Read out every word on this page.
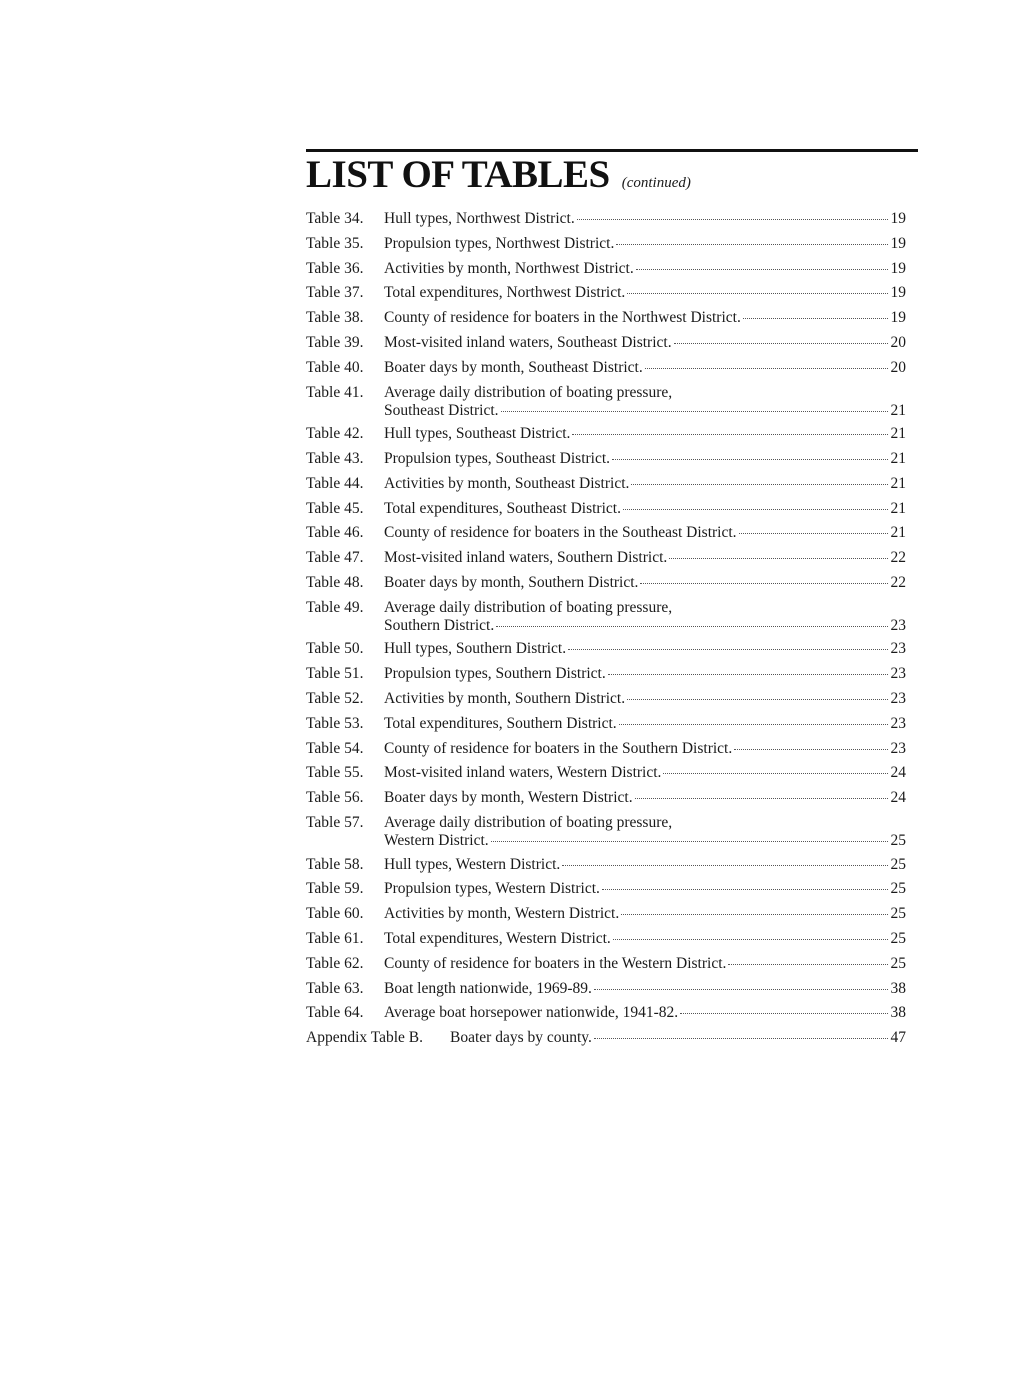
LIST OF TABLES (continued)
Table 34. Hull types, Northwest District.	19
Table 35. Propulsion types, Northwest District.	19
Table 36. Activities by month, Northwest District.	19
Table 37. Total expenditures, Northwest District.	19
Table 38. County of residence for boaters in the Northwest District.	19
Table 39. Most-visited inland waters, Southeast District.	20
Table 40. Boater days by month, Southeast District.	20
Table 41. Average daily distribution of boating pressure,
Southeast District.	21
Table 42. Hull types, Southeast District.	21
Table 43. Propulsion types, Southeast District.	21
Table 44. Activities by month, Southeast District.	21
Table 45. Total expenditures, Southeast District.	21
Table 46. County of residence for boaters in the Southeast District.	21
Table 47. Most-visited inland waters, Southern District.	22
Table 48. Boater days by month, Southern District.	22
Table 49. Average daily distribution of boating pressure,
Southern District.	23
Table 50. Hull types, Southern District.	23
Table 51. Propulsion types, Southern District.	23
Table 52. Activities by month, Southern District.	23
Table 53. Total expenditures, Southern District.	23
Table 54. County of residence for boaters in the Southern District.	23
Table 55. Most-visited inland waters, Western District.	24
Table 56. Boater days by month, Western District.	24
Table 57. Average daily distribution of boating pressure,
Western District.	25
Table 58. Hull types, Western District.	25
Table 59. Propulsion types, Western District.	25
Table 60. Activities by month, Western District.	25
Table 61. Total expenditures, Western District.	25
Table 62. County of residence for boaters in the Western District.	25
Table 63. Boat length nationwide, 1969-89.	38
Table 64. Average boat horsepower nationwide, 1941-82.	38
Appendix Table B. Boater days by county.	47
